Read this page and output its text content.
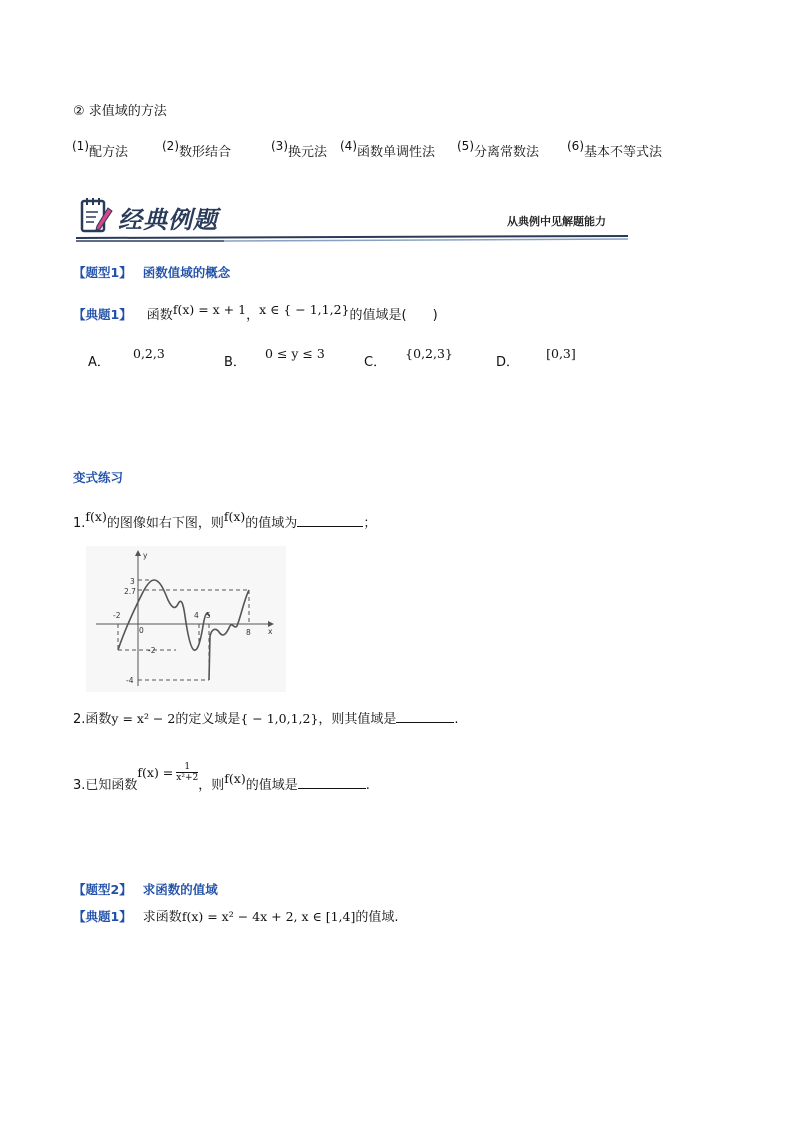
② 求值域的方法
$^{(1)}$配方法	$^{(2)}$数形结合	$^{(3)}$换元法 $^{(4)}$函数单调性法 $^{(5)}$分离常数法 $^{(6)}$基本不等式法
经典例题	从典例中见解题能力
【题型1】 函数值域的概念
【典题1】 函数$^{f(x) = x + 1}$，$^{x \in \{ - 1,1,2\}}$的值域是(　　)
$_{A.}$ 0,2,3
$_{B.}$ 0 ≤ y ≤ 3
$_{C.}$ {0,2,3}
$_{D.}$ [0,3]
变式练习
1.$^{f(x)}$的图像如右下图，则$^{f(x)}$的值域为	；
-2
0
4 5
8 x
y
3
2.7
-2
-4
2.函数y = x² − 2的定义域是{ − 1,0,1,2}，则其值域是	.
3.已知函数$f(x) = \frac{1}{\text{x²+2}}$
，则$^{f(x)}$的值域是	.
【题型2】 求函数的值域
【典题1】 求函数f(x) = x² − 4x + 2, x ∈ [1,4]的值域.
